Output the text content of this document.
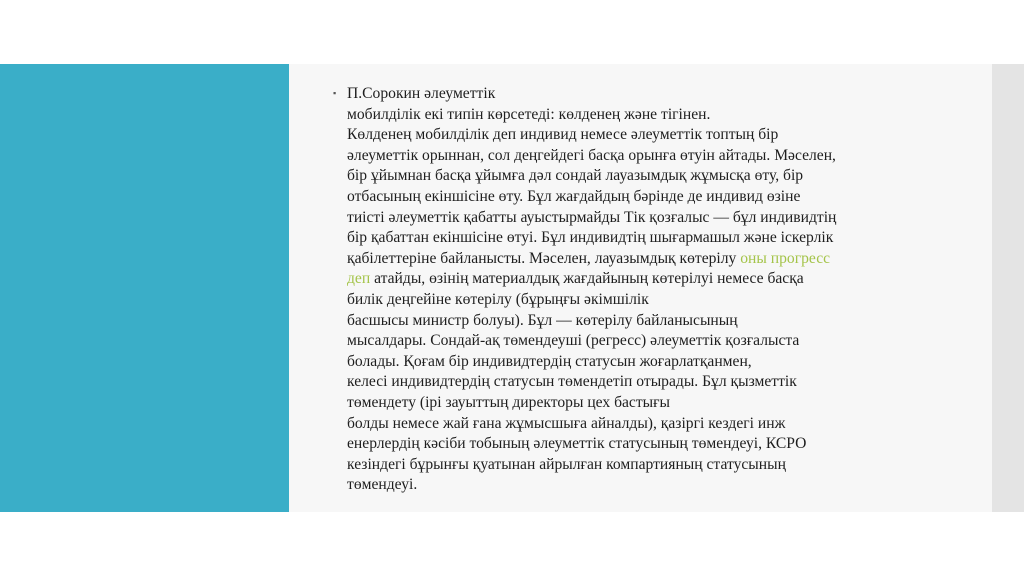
▪ П.Сорокин әлеуметтік
мобилділік екі типін көрсетеді: көлденең және тігінен.
Көлденең мобилділік деп индивид немесе әлеуметтік топтың бір
әлеуметтік орыннан, сол деңгейдегі басқа орынға өтуін айтады. Мәселен,
бір ұйымнан басқа ұйымға дәл сондай лауазымдық жұмысқа өту, бір
отбасының екіншісіне өту. Бұл жағдайдың бәрінде де индивид өзіне
тиісті әлеуметтік қабатты ауыстырмайды Тік қозғалыс — бұл индивидтің
бір қабаттан екіншісіне өтуі. Бұл индивидтің шығармашыл және іскерлік
қабілеттеріне байланысты. Мәселен, лауазымдық көтерілу оны прогресс
деп атайды, өзінің материалдық жағдайының көтерілуі немесе басқа
билік деңгейіне көтерілу (бұрыңғы әкімшілік
басшысы министр болуы). Бұл — көтерілу байланысының
мысалдары. Сондай-ақ төмендеуші (регресс) әлеуметтік қозғалыста
болады. Қоғам бір индивидтердің статусын жоғарлатқанмен,
келесі индивидтердің статусын төмендетіп отырады. Бұл қызметтік
төмендету (ірі зауыттың директоры цех бастығы
болды немесе жай ғана жұмысшыға айналды), қазіргі кездегі инж
енерлердің кәсіби тобының әлеуметтік статусының төмендеуі, КСРО
кезіндегі бұрынғы қуатынан айрылған компартияның статусының
төмендеуі.
